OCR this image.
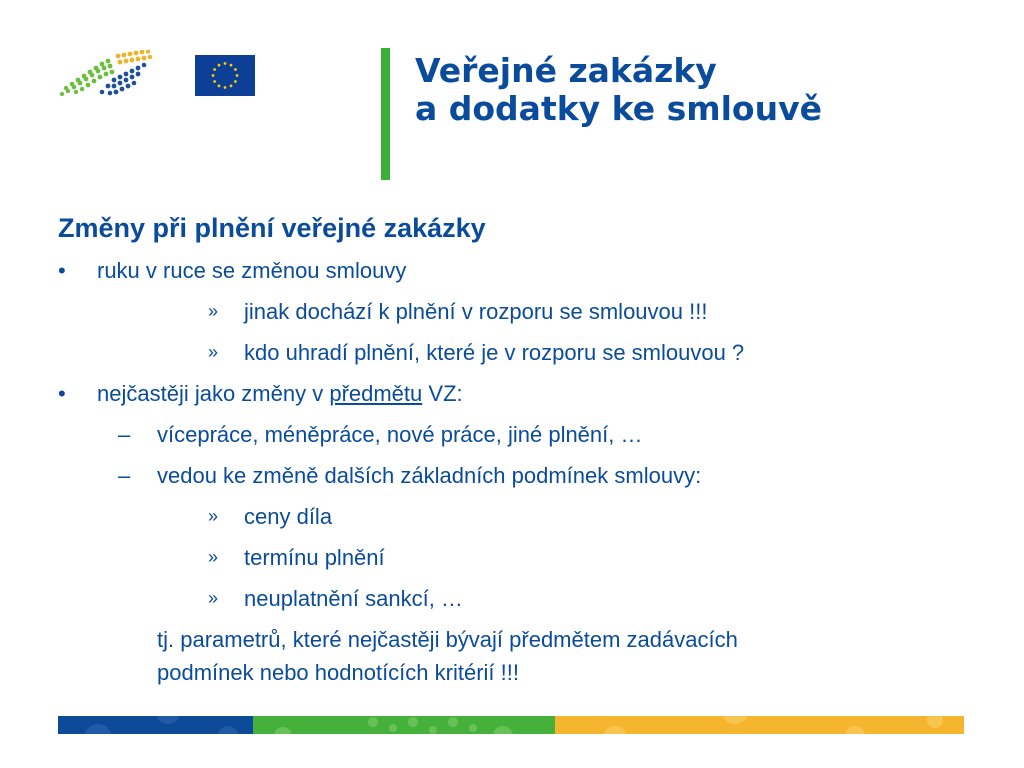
Veřejné zakázky
a dodatky ke smlouvě
Změny při plnění veřejné zakázky
• ruku v ruce se změnou smlouvy
» jinak dochází k plnění v rozporu se smlouvou !!!
» kdo uhradí plnění, které je v rozporu se smlouvou ?
• nejčastěji jako změny v předmětu VZ:
– vícepráce, méněpráce, nové práce, jiné plnění, …
– vedou ke změně dalších základních podmínek smlouvy:
» ceny díla
» termínu plnění
» neuplatnění sankcí, …
tj. parametrů, které nejčastěji bývají předmětem zadávacích
podmínek nebo hodnotících kritérií !!!
